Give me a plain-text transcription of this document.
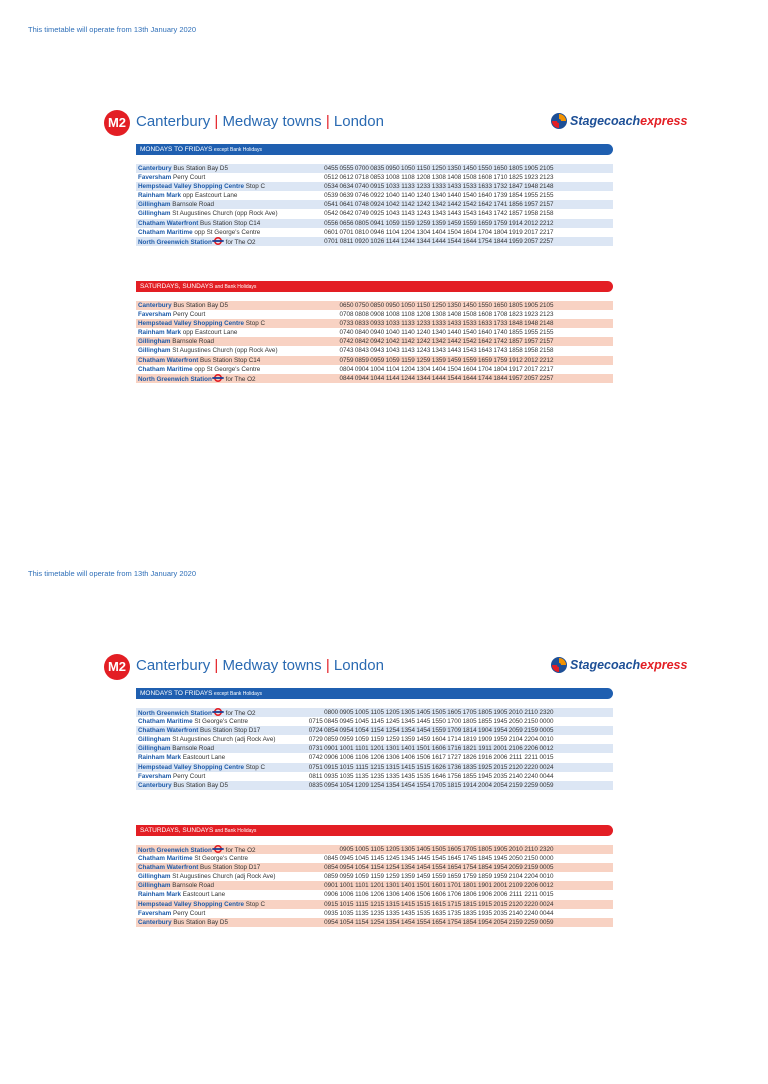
This timetable will operate from 13th January 2020
M2 Canterbury | Medway towns | London	Stagecoachexpress
MONDAYS TO FRIDAYS except Bank Holidays
Canterbury Bus Station Bay D5	0455 0555 0700 0835 0950 1050 1150 1250 1350 1450 1550 1650 1805 1905 2105
Faversham Perry Court	0512 0612 0718 0853 1008 1108 1208 1308 1408 1508 1608 1710 1825 1923 2123
Hempstead Valley Shopping Centre Stop C	0534 0634 0740 0915 1033 1133 1233 1333 1433 1533 1633 1732 1847 1948 2148
Rainham Mark opp Eastcourt Lane	0539 0639 0746 0922 1040 1140 1240 1340 1440 1540 1640 1739 1854 1955 2155
Gillingham Barnsole Road	0541 0641 0748 0924 1042 1142 1242 1342 1442 1542 1642 1741 1856 1957 2157
Gillingham St Augustines Church (opp Rock Ave)	0542 0642 0749 0925 1043 1143 1243 1343 1443 1543 1643 1742 1857 1958 2158
Chatham Waterfront Bus Station Stop C14	0556 0656 0805 0941 1059 1159 1259 1359 1459 1559 1659 1759 1914 2012 2212
Chatham Maritime opp St George's Centre	0601 0701 0810 0946 1104 1204 1304 1404 1504 1604 1704 1804 1919 2017 2217
North Greenwich Station for The O2	0701 0811 0920 1026 1144 1244 1344 1444 1544 1644 1754 1844 1959 2057 2257
SATURDAYS, SUNDAYS and Bank Holidays
Canterbury Bus Station Bay D5	0650 0750 0850 0950 1050 1150 1250 1350 1450 1550 1650 1805 1905 2105
Faversham Perry Court	0708 0808 0908 1008 1108 1208 1308 1408 1508 1608 1708 1823 1923 2123
Hempstead Valley Shopping Centre Stop C	0733 0833 0933 1033 1133 1233 1333 1433 1533 1633 1733 1848 1948 2148
Rainham Mark opp Eastcourt Lane	0740 0840 0940 1040 1140 1240 1340 1440 1540 1640 1740 1855 1955 2155
Gillingham Barnsole Road	0742 0842 0942 1042 1142 1242 1342 1442 1542 1642 1742 1857 1957 2157
Gillingham St Augustines Church (opp Rock Ave)	0743 0843 0943 1043 1143 1243 1343 1443 1543 1643 1743 1858 1958 2158
Chatham Waterfront Bus Station Stop C14	0759 0859 0959 1059 1159 1259 1359 1459 1559 1659 1759 1912 2012 2212
Chatham Maritime opp St George's Centre	0804 0904 1004 1104 1204 1304 1404 1504 1604 1704 1804 1917 2017 2217
North Greenwich Station for The O2	0844 0944 1044 1144 1244 1344 1444 1544 1644 1744 1844 1957 2057 2257
This timetable will operate from 13th January 2020
M2 Canterbury | Medway towns | London	Stagecoachexpress
MONDAYS TO FRIDAYS except Bank Holidays
North Greenwich Station for The O2	0800 0905 1005 1105 1205 1305 1405 1505 1605 1705 1805 1905 2010 2110 2320
Chatham Maritime St George's Centre	0715 0845 0945 1045 1145 1245 1345 1445 1550 1700 1805 1855 1945 2050 2150 0000
Chatham Waterfront Bus Station Stop D17	0724 0854 0954 1054 1154 1254 1354 1454 1559 1709 1814 1904 1954 2059 2159 0005
Gillingham St Augustines Church (adj Rock Ave)	0729 0859 0959 1059 1159 1259 1359 1459 1604 1714 1819 1909 1959 2104 2204 0010
Gillingham Barnsole Road	0731 0901 1001 1101 1201 1301 1401 1501 1606 1716 1821 1911 2001 2106 2206 0012
Rainham Mark Eastcourt Lane	0742 0906 1006 1106 1206 1306 1406 1506 1617 1727 1826 1916 2006 2111 2211 0015
Hempstead Valley Shopping Centre Stop C	0751 0915 1015 1115 1215 1315 1415 1515 1626 1736 1835 1925 2015 2120 2220 0024
Faversham Perry Court	0811 0935 1035 1135 1235 1335 1435 1535 1646 1756 1855 1945 2035 2140 2240 0044
Canterbury Bus Station Bay D5	0835 0954 1054 1209 1254 1354 1454 1554 1705 1815 1914 2004 2054 2159 2259 0059
SATURDAYS, SUNDAYS and Bank Holidays
North Greenwich Station for The O2	0905 1005 1105 1205 1305 1405 1505 1605 1705 1805 1905 2010 2110 2320
Chatham Maritime St George's Centre	0845 0945 1045 1145 1245 1345 1445 1545 1645 1745 1845 1945 2050 2150 0000
Chatham Waterfront Bus Station Stop D17	0854 0954 1054 1154 1254 1354 1454 1554 1654 1754 1854 1954 2059 2159 0005
Gillingham St Augustines Church (adj Rock Ave)	0859 0959 1059 1159 1259 1359 1459 1559 1659 1759 1859 1959 2104 2204 0010
Gillingham Barnsole Road	0901 1001 1101 1201 1301 1401 1501 1601 1701 1801 1901 2001 2109 2206 0012
Rainham Mark Eastcourt Lane	0906 1006 1106 1206 1306 1406 1506 1606 1706 1806 1906 2006 2111 2211 0015
Hempstead Valley Shopping Centre Stop C	0915 1015 1115 1215 1315 1415 1515 1615 1715 1815 1915 2015 2120 2220 0024
Faversham Perry Court	0935 1035 1135 1235 1335 1435 1535 1635 1735 1835 1935 2035 2140 2240 0044
Canterbury Bus Station Bay D5	0954 1054 1154 1254 1354 1454 1554 1654 1754 1854 1954 2054 2159 2259 0059
